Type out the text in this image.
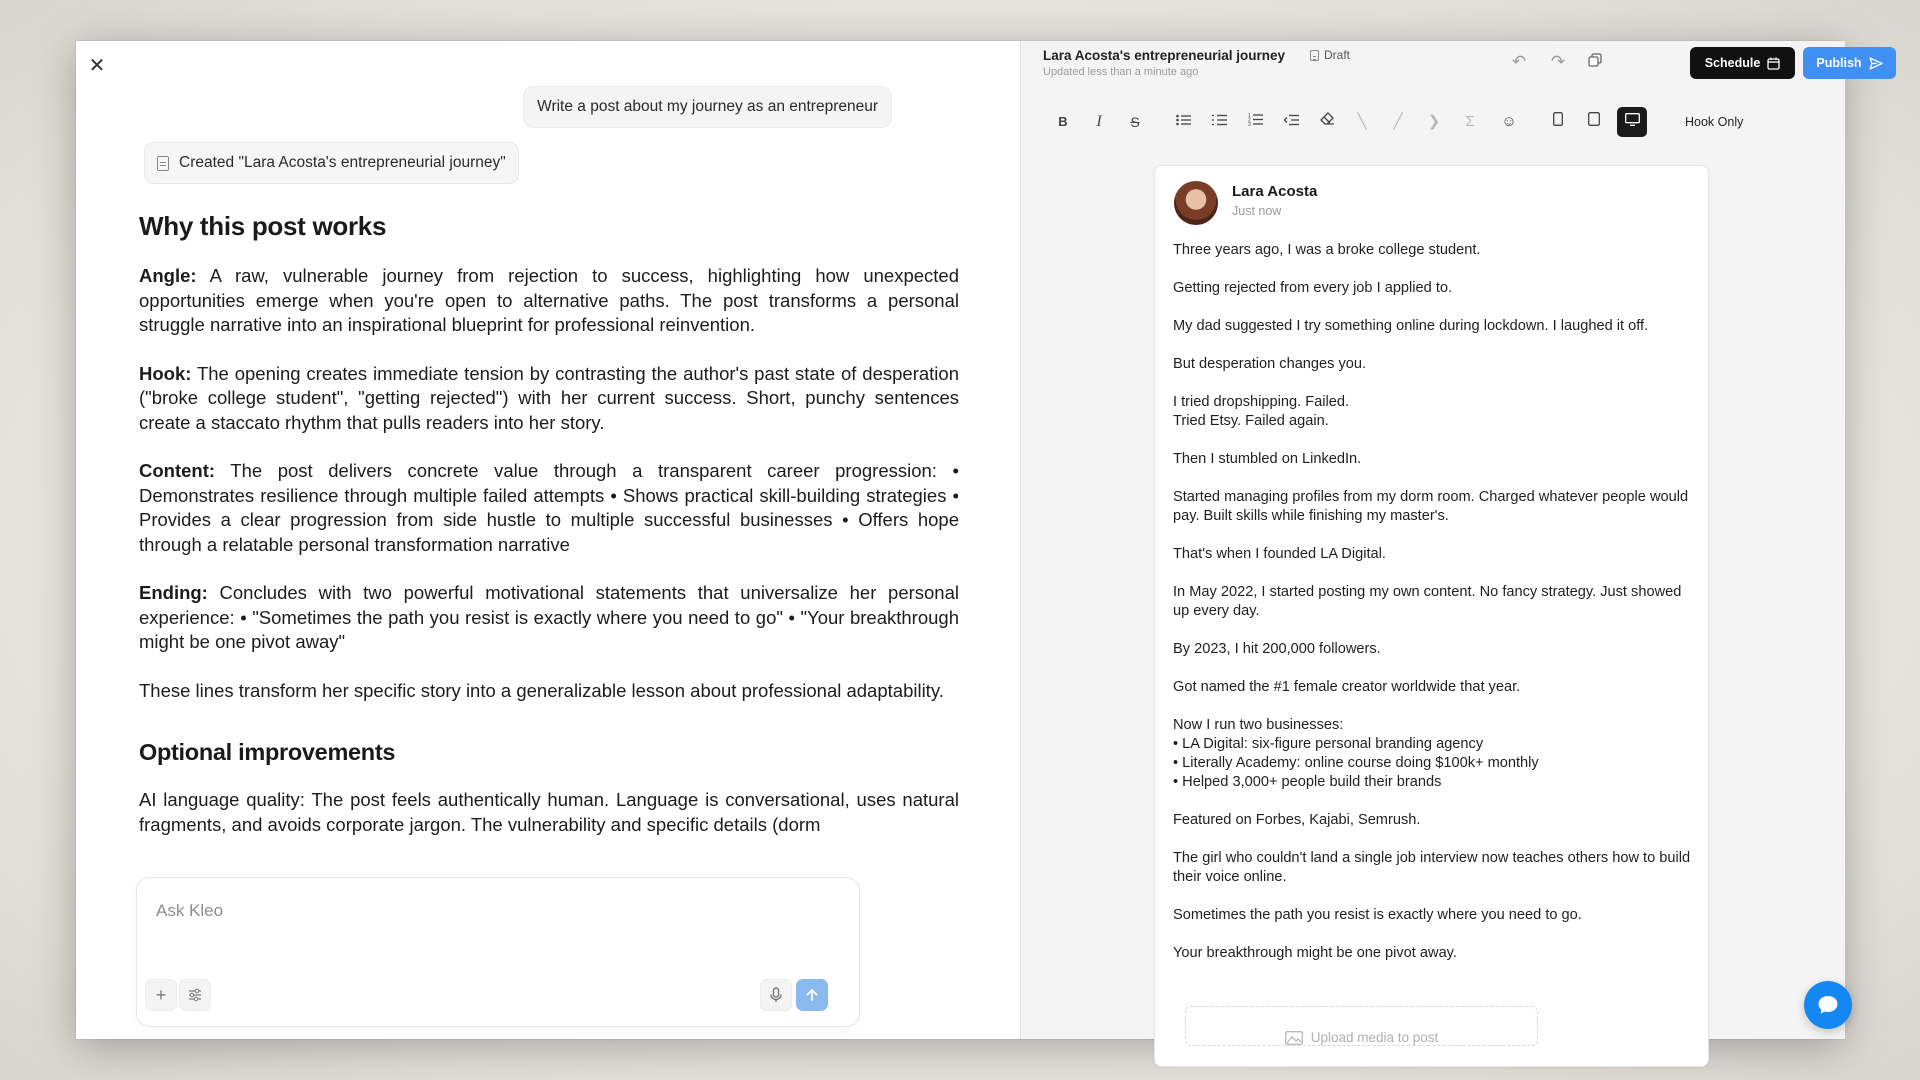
✕
Write a post about my journey as an entrepreneur
Created "Lara Acosta's entrepreneurial journey"
Why this post works

Angle: A raw, vulnerable journey from rejection to success, highlighting how unexpected opportunities emerge when you're open to alternative paths. The post transforms a personal struggle narrative into an inspirational blueprint for professional reinvention.

Hook: The opening creates immediate tension by contrasting the author's past state of desperation ("broke college student", "getting rejected") with her current success. Short, punchy sentences create a staccato rhythm that pulls readers into her story.

Content: The post delivers concrete value through a transparent career progression: • Demonstrates resilience through multiple failed attempts • Shows practical skill-building strategies • Provides a clear progression from side hustle to multiple successful businesses • Offers hope through a relatable personal transformation narrative

Ending: Concludes with two powerful motivational statements that universalize her personal experience: • "Sometimes the path you resist is exactly where you need to go" • "Your breakthrough might be one pivot away"

These lines transform her specific story into a generalizable lesson about professional adaptability.

Optional improvements

AI language quality: The post feels authentically human. Language is conversational, uses natural fragments, and avoids corporate jargon. The vulnerability and specific details (dorm

Ask Kleo
+
Lara Acosta's entrepreneurial journey	Draft
Updated less than a minute ago
↶ ↷	Schedule	Publish
B	I	S	1
2
3	╲	╱	❯	Σ	☺	Hook Only
Lara Acosta
Just now
Three years ago, I was a broke college student.
Getting rejected from every job I applied to.
My dad suggested I try something online during lockdown. I laughed it off.
But desperation changes you.
I tried dropshipping. Failed.
Tried Etsy. Failed again.
Then I stumbled on LinkedIn.
Started managing profiles from my dorm room. Charged whatever people would pay. Built skills while finishing my master's.
That's when I founded LA Digital.
In May 2022, I started posting my own content. No fancy strategy. Just showed up every day.
By 2023, I hit 200,000 followers.
Got named the #1 female creator worldwide that year.
Now I run two businesses:
• LA Digital: six-figure personal branding agency
• Literally Academy: online course doing $100k+ monthly
• Helped 3,000+ people build their brands
Featured on Forbes, Kajabi, Semrush.
The girl who couldn't land a single job interview now teaches others how to build their voice online.
Sometimes the path you resist is exactly where you need to go.
Your breakthrough might be one pivot away.
Upload media to post
